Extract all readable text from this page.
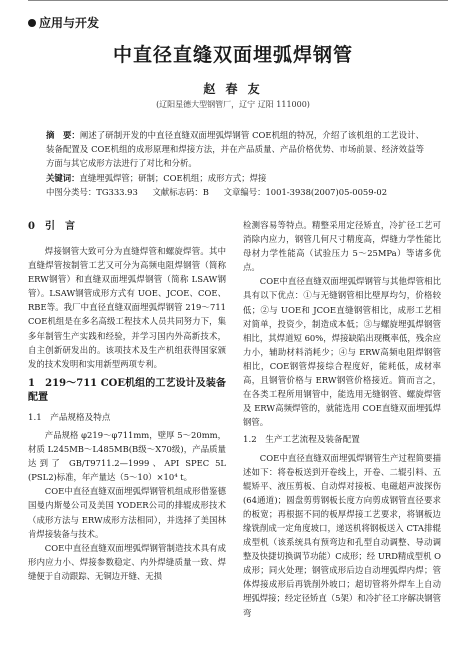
应用与开发
中直径直缝双面埋弧焊钢管
赵 春 友
(辽阳星德大型钢管厂，辽宁 辽阳 111000)
摘　要：阐述了研制开发的中直径直缝双面埋弧焊钢管 COE机组的特况，介绍了该机组的工艺设计、装备配置及 COE机组的成形原理和焊接方法，并在产品质量、产品价格优势、市场前景、经济效益等方面与其它成形方法进行了对比和分析。
关键词：直缝埋弧焊管；研制；COE机组；成形方式；焊接
中图分类号：TG333.93 文献标志码：B 文章编号：1001-3938(2007)05-0059-02
0　引　言

焊接钢管大致可分为直缝焊管和螺旋焊管。其中直缝焊管按制管工艺又可分为高频电阻焊钢管（简称 ERW钢管）和直缝双面埋弧焊钢管（简称 LSAW钢管）。LSAW钢管成形方式有 UOE、JCOE、COE、RBE等。我厂中直径直缝双面埋弧焊钢管 219～711 COE机组是在多名高级工程技术人员共同努力下，集多年制管生产实践和经验，并学习国内外高新技术，自主创新研发出的。该项技术及生产机组获得国家颁发的技术发明和实用新型两项专利。

1　219～711 COE机组的工艺设计及装备配置
1.1　产品规格及特点

产品规格 φ219～φ711mm，壁厚 5～20mm，材质 L245MB～L485MB(B级～X70级)，产品质量达到了 GB/T9711.2—1999、API SPEC 5L (PSL2)标准，年产量达（5～10）×10⁴ t。

COE中直径直缝双面埋弧焊钢管机组成形借鉴德国曼内斯曼公司及美国 YODER公司的排辊成形技术（成形方法与 ERW成形方法相同），并选择了美国林肯焊接装备与技术。

COE中直径直缝双面埋弧焊钢管制造技术具有成形内应力小、焊接参数稳定、内外焊缝质量一致、焊缝便于自动跟踪、无铜边开缝、无损

检测容易等特点。精整采用定径矫直，冷扩径工艺可消除内应力，钢管几何尺寸精度高，焊缝力学性能比母材力学性能高（试验压力 5～25MPa）等诸多优点。

COE中直径直缝双面埋弧焊钢管与其他焊管相比具有以下优点：①与无缝钢管相比壁厚均匀，价格较低；②与 UOE和 JCOE直缝钢管相比，成形工艺相对简单，投资少，制造成本低；③与螺旋埋弧焊钢管相比，其焊道短 60%，焊接缺陷出现概率低，残余应力小，辅助材料消耗少；④与 ERW高频电阻焊钢管相比，COE钢管焊接综合程度好，能耗低，成材率高，且钢管价格与 ERW钢管价格接近。简而言之，在各类工程所用钢管中，能选用无缝钢管、螺旋焊管及 ERW高频焊管的，就能选用 COE直缝双面埋弧焊钢管。

1.2　生产工艺流程及装备配置

COE中直径直缝双面埋弧焊钢管生产过程简要描述如下：将卷板送到开卷线上，开卷、二辊引料、五辊矫平、液压剪板、自动焊对接板、电磁超声波探伤(64通道)；圆盘剪剪钢板长度方向剪成钢管直径要求的板宽；再根据不同的板厚焊接工艺要求，将钢板边缘铣削成一定角度坡口，递送机将钢板送入 CTA排辊成型机（该系统具有预弯边和孔型自动调整、导动调整及快捷切换调节功能）C成形；经 URD精成型机 O成形；同火处理；钢管成形后边自动埋弧焊内焊；管体焊接成形后再铣削外坡口；超切管将外焊车上自动埋弧焊接；经定径矫直（5架）和冷扩径工序解决钢管弯
